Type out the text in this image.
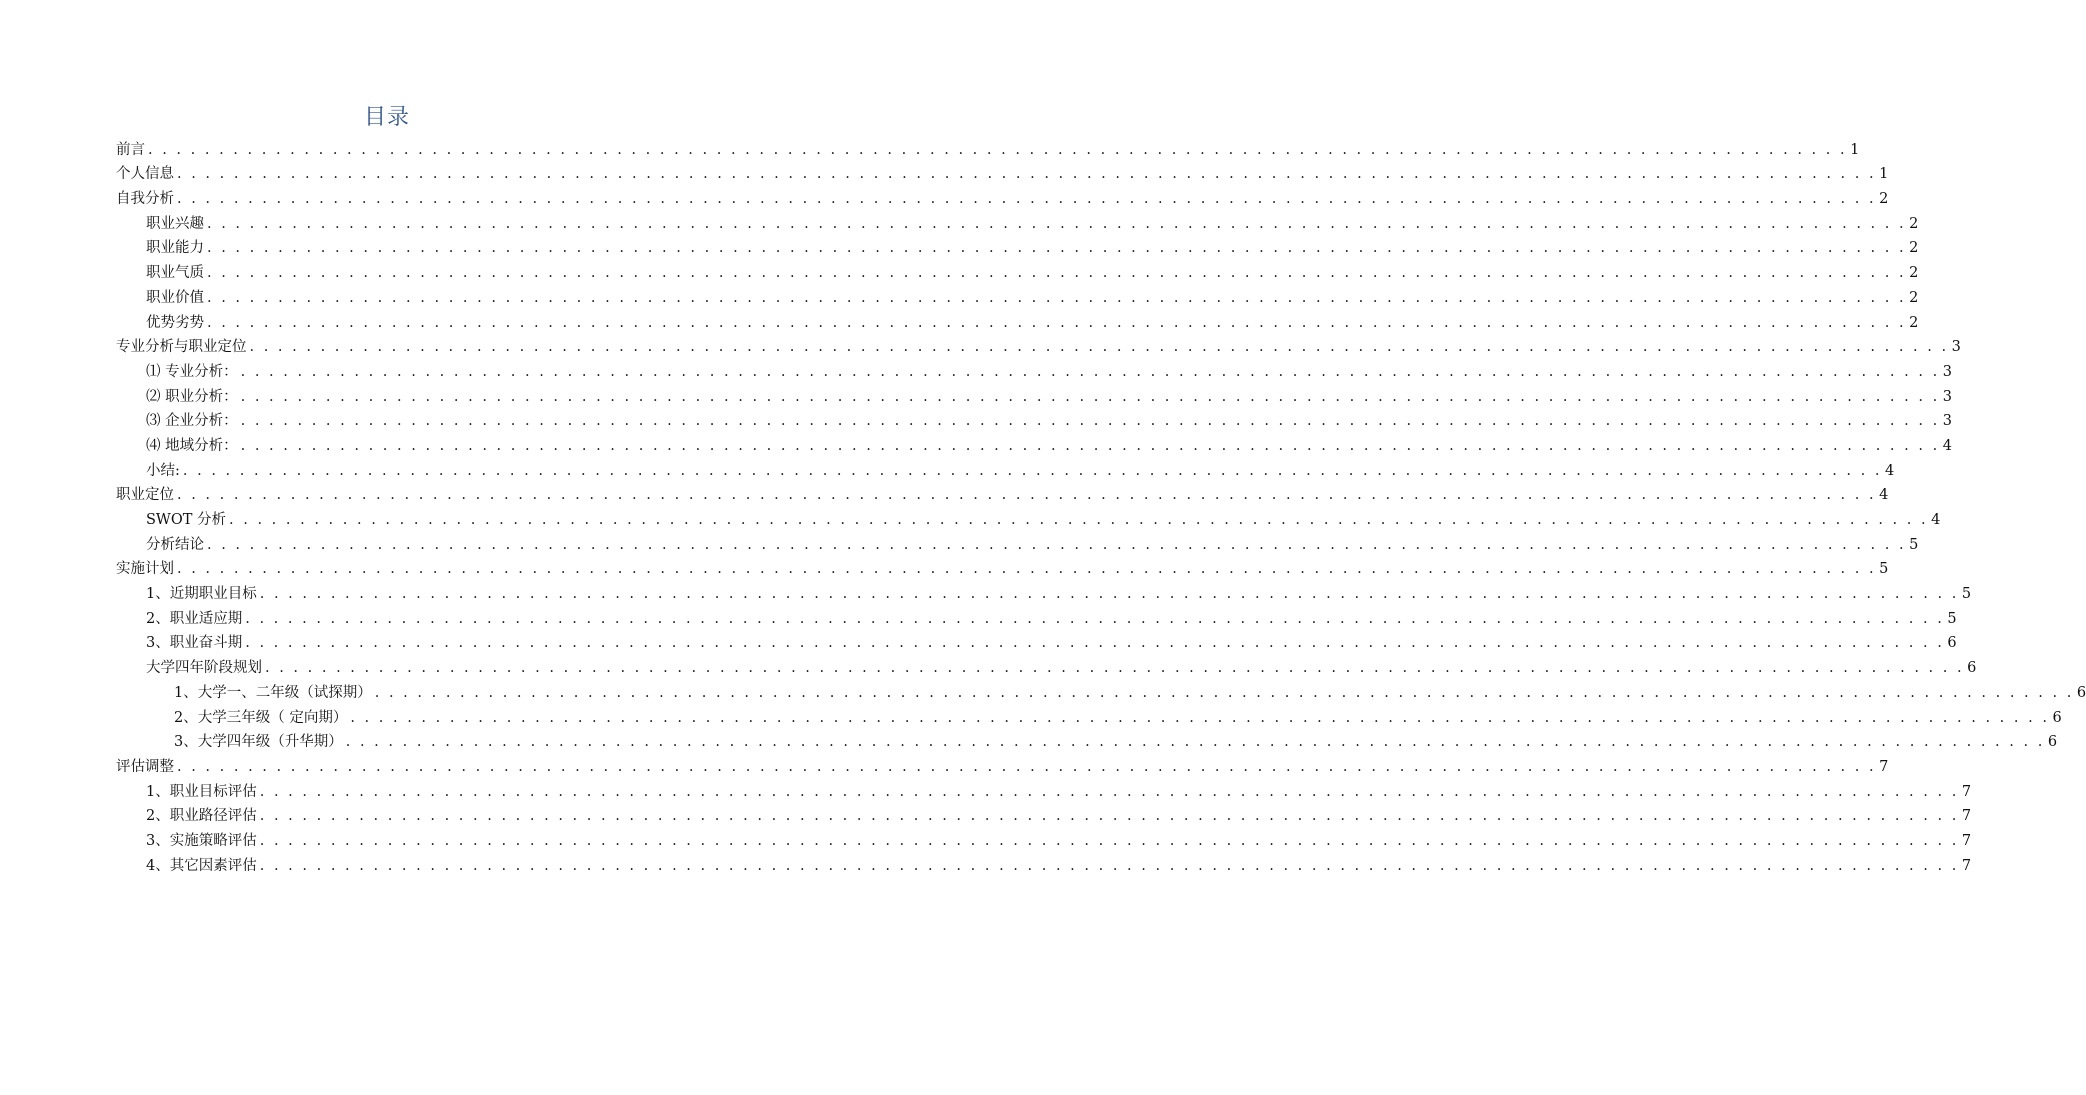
目录
前言 . . . . . . . . . . . . . . . . . . . . . . . . . . . . . . . . . . . . . . . . . . . . . . . . . . . . . . . . . . . . . . . . . . . . . . . . . . . . . . . . . . . . . . . . . . . . . . . . . . . . . . . . . . . . . . . . . . . . . . . . 1
个人信息 . . . . . . . . . . . . . . . . . . . . . . . . . . . . . . . . . . . . . . . . . . . . . . . . . . . . . . . . . . . . . . . . . . . . . . . . . . . . . . . . . . . . . . . . . . . . . . . . . . . . . . . . . . . . . . . . . . . . . . . . 1
自我分析 . . . . . . . . . . . . . . . . . . . . . . . . . . . . . . . . . . . . . . . . . . . . . . . . . . . . . . . . . . . . . . . . . . . . . . . . . . . . . . . . . . . . . . . . . . . . . . . . . . . . . . . . . . . . . . . . . . . . . . . . 2
职业兴趣 . . . . . . . . . . . . . . . . . . . . . . . . . . . . . . . . . . . . . . . . . . . . . . . . . . . . . . . . . . . . . . . . . . . . . . . . . . . . . . . . . . . . . . . . . . . . . . . . . . . . . . . . . . . . . . . . . . . . . . . . 2
职业能力 . . . . . . . . . . . . . . . . . . . . . . . . . . . . . . . . . . . . . . . . . . . . . . . . . . . . . . . . . . . . . . . . . . . . . . . . . . . . . . . . . . . . . . . . . . . . . . . . . . . . . . . . . . . . . . . . . . . . . . . . 2
职业气质 . . . . . . . . . . . . . . . . . . . . . . . . . . . . . . . . . . . . . . . . . . . . . . . . . . . . . . . . . . . . . . . . . . . . . . . . . . . . . . . . . . . . . . . . . . . . . . . . . . . . . . . . . . . . . . . . . . . . . . . . 2
职业价值 . . . . . . . . . . . . . . . . . . . . . . . . . . . . . . . . . . . . . . . . . . . . . . . . . . . . . . . . . . . . . . . . . . . . . . . . . . . . . . . . . . . . . . . . . . . . . . . . . . . . . . . . . . . . . . . . . . . . . . . . 2
优势劣势 . . . . . . . . . . . . . . . . . . . . . . . . . . . . . . . . . . . . . . . . . . . . . . . . . . . . . . . . . . . . . . . . . . . . . . . . . . . . . . . . . . . . . . . . . . . . . . . . . . . . . . . . . . . . . . . . . . . . . . . . 2
专业分析与职业定位 . . . . . . . . . . . . . . . . . . . . . . . . . . . . . . . . . . . . . . . . . . . . . . . . . . . . . . . . . . . . . . . . . . . . . . . . . . . . . . . . . . . . . . . . . . . . . . . . . . . . . . . . . . . . . . . . . . . . . . . . 3
⑴ 专业分析： . . . . . . . . . . . . . . . . . . . . . . . . . . . . . . . . . . . . . . . . . . . . . . . . . . . . . . . . . . . . . . . . . . . . . . . . . . . . . . . . . . . . . . . . . . . . . . . . . . . . . . . . . . . . . . . . . . . . . . . . 3
⑵ 职业分析： . . . . . . . . . . . . . . . . . . . . . . . . . . . . . . . . . . . . . . . . . . . . . . . . . . . . . . . . . . . . . . . . . . . . . . . . . . . . . . . . . . . . . . . . . . . . . . . . . . . . . . . . . . . . . . . . . . . . . . . . 3
⑶ 企业分析： . . . . . . . . . . . . . . . . . . . . . . . . . . . . . . . . . . . . . . . . . . . . . . . . . . . . . . . . . . . . . . . . . . . . . . . . . . . . . . . . . . . . . . . . . . . . . . . . . . . . . . . . . . . . . . . . . . . . . . . . 3
⑷ 地域分析： . . . . . . . . . . . . . . . . . . . . . . . . . . . . . . . . . . . . . . . . . . . . . . . . . . . . . . . . . . . . . . . . . . . . . . . . . . . . . . . . . . . . . . . . . . . . . . . . . . . . . . . . . . . . . . . . . . . . . . . . 4
小结: . . . . . . . . . . . . . . . . . . . . . . . . . . . . . . . . . . . . . . . . . . . . . . . . . . . . . . . . . . . . . . . . . . . . . . . . . . . . . . . . . . . . . . . . . . . . . . . . . . . . . . . . . . . . . . . . . . . . . . . . 4
职业定位 . . . . . . . . . . . . . . . . . . . . . . . . . . . . . . . . . . . . . . . . . . . . . . . . . . . . . . . . . . . . . . . . . . . . . . . . . . . . . . . . . . . . . . . . . . . . . . . . . . . . . . . . . . . . . . . . . . . . . . . . 4
SWOT 分析 . . . . . . . . . . . . . . . . . . . . . . . . . . . . . . . . . . . . . . . . . . . . . . . . . . . . . . . . . . . . . . . . . . . . . . . . . . . . . . . . . . . . . . . . . . . . . . . . . . . . . . . . . . . . . . . . . . . . . . . . 4
分析结论 . . . . . . . . . . . . . . . . . . . . . . . . . . . . . . . . . . . . . . . . . . . . . . . . . . . . . . . . . . . . . . . . . . . . . . . . . . . . . . . . . . . . . . . . . . . . . . . . . . . . . . . . . . . . . . . . . . . . . . . . 5
实施计划 . . . . . . . . . . . . . . . . . . . . . . . . . . . . . . . . . . . . . . . . . . . . . . . . . . . . . . . . . . . . . . . . . . . . . . . . . . . . . . . . . . . . . . . . . . . . . . . . . . . . . . . . . . . . . . . . . . . . . . . . 5
1、近期职业目标 . . . . . . . . . . . . . . . . . . . . . . . . . . . . . . . . . . . . . . . . . . . . . . . . . . . . . . . . . . . . . . . . . . . . . . . . . . . . . . . . . . . . . . . . . . . . . . . . . . . . . . . . . . . . . . . . . . . . . . . . 5
2、职业适应期 . . . . . . . . . . . . . . . . . . . . . . . . . . . . . . . . . . . . . . . . . . . . . . . . . . . . . . . . . . . . . . . . . . . . . . . . . . . . . . . . . . . . . . . . . . . . . . . . . . . . . . . . . . . . . . . . . . . . . . . . 5
3、职业奋斗期 . . . . . . . . . . . . . . . . . . . . . . . . . . . . . . . . . . . . . . . . . . . . . . . . . . . . . . . . . . . . . . . . . . . . . . . . . . . . . . . . . . . . . . . . . . . . . . . . . . . . . . . . . . . . . . . . . . . . . . . . 6
大学四年阶段规划 . . . . . . . . . . . . . . . . . . . . . . . . . . . . . . . . . . . . . . . . . . . . . . . . . . . . . . . . . . . . . . . . . . . . . . . . . . . . . . . . . . . . . . . . . . . . . . . . . . . . . . . . . . . . . . . . . . . . . . . . 6
1、大学一、二年级（试探期） . . . . . . . . . . . . . . . . . . . . . . . . . . . . . . . . . . . . . . . . . . . . . . . . . . . . . . . . . . . . . . . . . . . . . . . . . . . . . . . . . . . . . . . . . . . . . . . . . . . . . . . . . . . . . . . . . . . . . . . . 6
2、大学三年级（ 定向期） . . . . . . . . . . . . . . . . . . . . . . . . . . . . . . . . . . . . . . . . . . . . . . . . . . . . . . . . . . . . . . . . . . . . . . . . . . . . . . . . . . . . . . . . . . . . . . . . . . . . . . . . . . . . . . . . . . . . . . . . 6
3、大学四年级（升华期） . . . . . . . . . . . . . . . . . . . . . . . . . . . . . . . . . . . . . . . . . . . . . . . . . . . . . . . . . . . . . . . . . . . . . . . . . . . . . . . . . . . . . . . . . . . . . . . . . . . . . . . . . . . . . . . . . . . . . . . . 6
评估调整 . . . . . . . . . . . . . . . . . . . . . . . . . . . . . . . . . . . . . . . . . . . . . . . . . . . . . . . . . . . . . . . . . . . . . . . . . . . . . . . . . . . . . . . . . . . . . . . . . . . . . . . . . . . . . . . . . . . . . . . . 7
1、职业目标评估 . . . . . . . . . . . . . . . . . . . . . . . . . . . . . . . . . . . . . . . . . . . . . . . . . . . . . . . . . . . . . . . . . . . . . . . . . . . . . . . . . . . . . . . . . . . . . . . . . . . . . . . . . . . . . . . . . . . . . . . . 7
2、职业路径评估 . . . . . . . . . . . . . . . . . . . . . . . . . . . . . . . . . . . . . . . . . . . . . . . . . . . . . . . . . . . . . . . . . . . . . . . . . . . . . . . . . . . . . . . . . . . . . . . . . . . . . . . . . . . . . . . . . . . . . . . . 7
3、实施策略评估 . . . . . . . . . . . . . . . . . . . . . . . . . . . . . . . . . . . . . . . . . . . . . . . . . . . . . . . . . . . . . . . . . . . . . . . . . . . . . . . . . . . . . . . . . . . . . . . . . . . . . . . . . . . . . . . . . . . . . . . . 7
4、其它因素评估 . . . . . . . . . . . . . . . . . . . . . . . . . . . . . . . . . . . . . . . . . . . . . . . . . . . . . . . . . . . . . . . . . . . . . . . . . . . . . . . . . . . . . . . . . . . . . . . . . . . . . . . . . . . . . . . . . . . . . . . . 7
